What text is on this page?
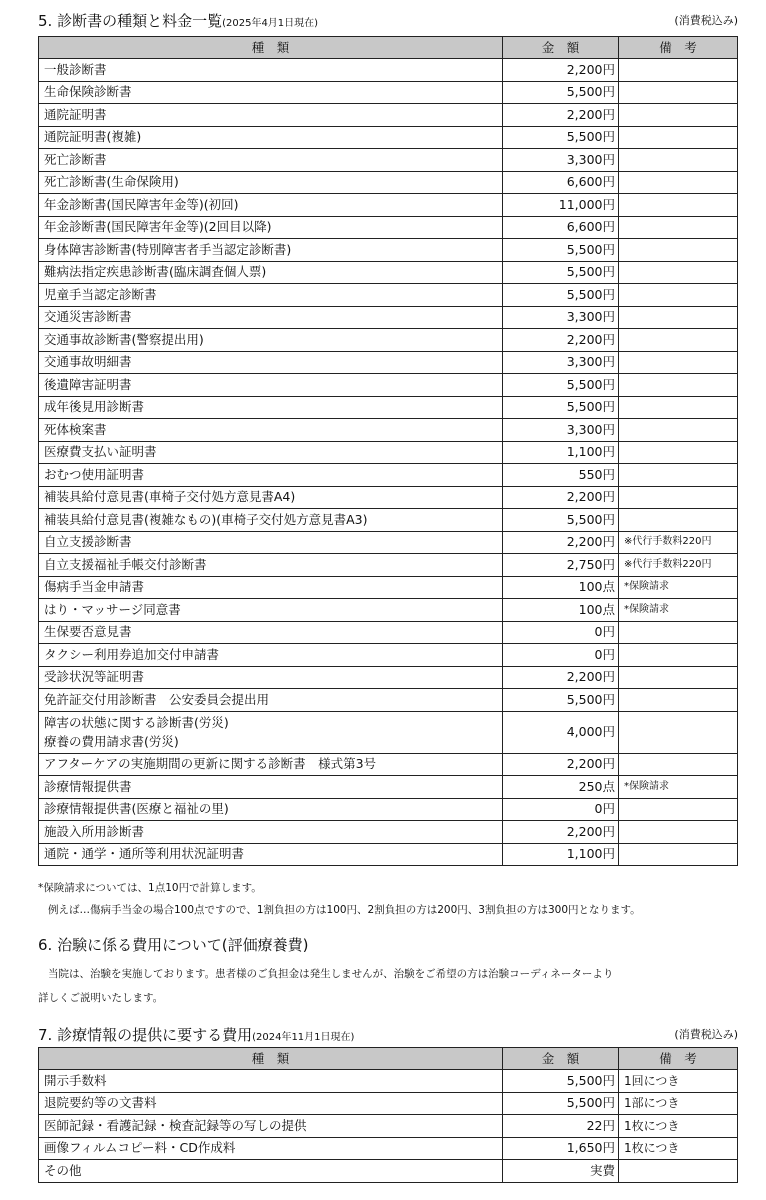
5. 診断書の種類と料金一覧(2025年4月1日現在)	(消費税込み)
種　類	金　額	備　考
一般診断書	2,200円	
生命保険診断書	5,500円	
通院証明書	2,200円	
通院証明書(複雑)	5,500円	
死亡診断書	3,300円	
死亡診断書(生命保険用)	6,600円	
年金診断書(国民障害年金等)(初回)	11,000円	
年金診断書(国民障害年金等)(2回目以降)	6,600円	
身体障害診断書(特別障害者手当認定診断書)	5,500円	
難病法指定疾患診断書(臨床調査個人票)	5,500円	
児童手当認定診断書	5,500円	
交通災害診断書	3,300円	
交通事故診断書(警察提出用)	2,200円	
交通事故明細書	3,300円	
後遺障害証明書	5,500円	
成年後見用診断書	5,500円	
死体検案書	3,300円	
医療費支払い証明書	1,100円	
おむつ使用証明書	550円	
補装具給付意見書(車椅子交付処方意見書A4)	2,200円	
補装具給付意見書(複雑なもの)(車椅子交付処方意見書A3)	5,500円	
自立支援診断書	2,200円	※代行手数料220円
自立支援福祉手帳交付診断書	2,750円	※代行手数料220円
傷病手当金申請書	100点	*保険請求
はり・マッサージ同意書	100点	*保険請求
生保要否意見書	0円	
タクシー利用券追加交付申請書	0円	
受診状況等証明書	2,200円	
免許証交付用診断書　公安委員会提出用	5,500円	

障害の状態に関する診断書(労災)
療養の費用請求書(労災)	4,000円	
アフターケアの実施期間の更新に関する診断書　様式第3号	2,200円	
診療情報提供書	250点	*保険請求
診療情報提供書(医療と福祉の里)	0円	
施設入所用診断書	2,200円	
通院・通学・通所等利用状況証明書	1,100円	
*保険請求については、1点10円で計算します。
例えば…傷病手当金の場合100点ですので、1割負担の方は100円、2割負担の方は200円、3割負担の方は300円となります。
6. 治験に係る費用について(評価療養費)
当院は、治験を実施しております。患者様のご負担金は発生しませんが、治験をご希望の方は治験コーディネーターより
詳しくご説明いたします。
7. 診療情報の提供に要する費用(2024年11月1日現在)	(消費税込み)
種　類	金　額	備　考
開示手数料	5,500円	1回につき
退院要約等の文書料	5,500円	1部につき
医師記録・看護記録・検査記録等の写しの提供	22円	1枚につき
画像フィルムコピー料・CD作成料	1,650円	1枚につき
その他	実費	
